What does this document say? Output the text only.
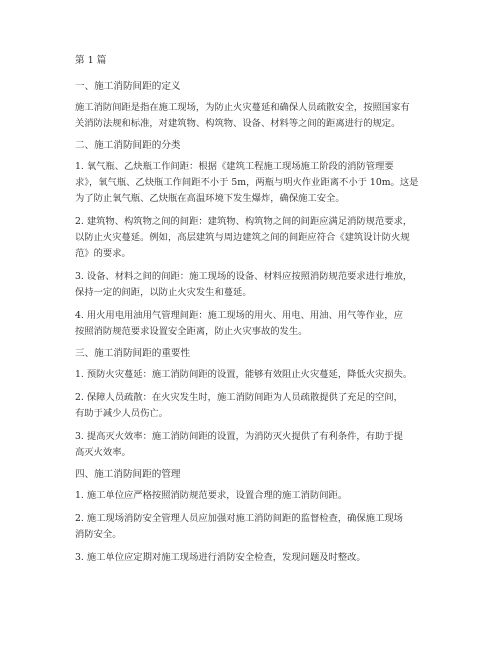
第 1 篇
一、施工消防间距的定义
施工消防间距是指在施工现场，为防止火灾蔓延和确保人员疏散安全，按照国家有
关消防法规和标准，对建筑物、构筑物、设备、材料等之间的距离进行的规定。
二、施工消防间距的分类
1. 氧气瓶、乙炔瓶工作间距：根据《建筑工程施工现场施工阶段的消防管理要
求》，氧气瓶、乙炔瓶工作间距不小于 5m，两瓶与明火作业距离不小于 10m。这是
为了防止氧气瓶、乙炔瓶在高温环境下发生爆炸，确保施工安全。
2. 建筑物、构筑物之间的间距：建筑物、构筑物之间的间距应满足消防规范要求，
以防止火灾蔓延。例如，高层建筑与周边建筑之间的间距应符合《建筑设计防火规
范》的要求。
3. 设备、材料之间的间距：施工现场的设备、材料应按照消防规范要求进行堆放，
保持一定的间距，以防止火灾发生和蔓延。
4. 用火用电用油用气管理间距：施工现场的用火、用电、用油、用气等作业，应
按照消防规范要求设置安全距离，防止火灾事故的发生。
三、施工消防间距的重要性
1. 预防火灾蔓延：施工消防间距的设置，能够有效阻止火灾蔓延，降低火灾损失。
2. 保障人员疏散：在火灾发生时，施工消防间距为人员疏散提供了充足的空间，
有助于减少人员伤亡。
3. 提高灭火效率：施工消防间距的设置，为消防灭火提供了有利条件，有助于提
高灭火效率。
四、施工消防间距的管理
1. 施工单位应严格按照消防规范要求，设置合理的施工消防间距。
2. 施工现场消防安全管理人员应加强对施工消防间距的监督检查，确保施工现场
消防安全。
3. 施工单位应定期对施工现场进行消防安全检查，发现问题及时整改。
